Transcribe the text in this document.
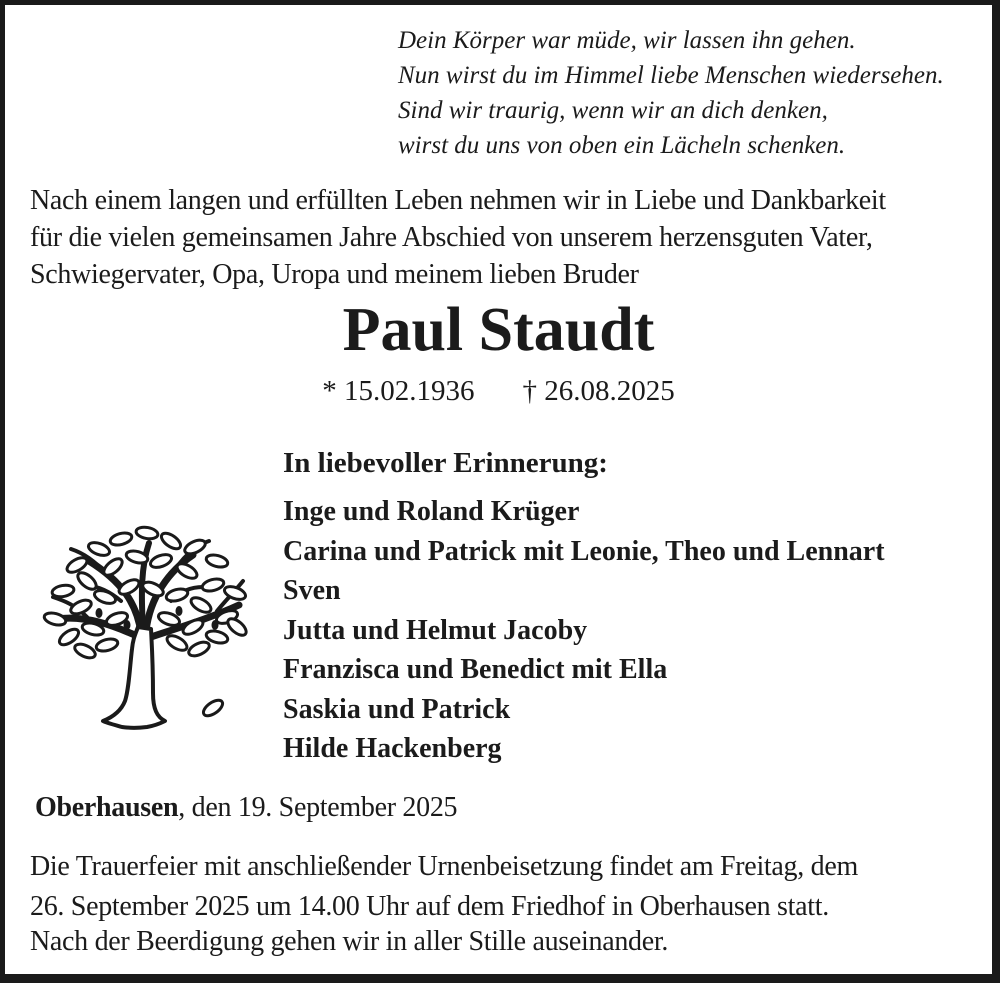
Dein Körper war müde, wir lassen ihn gehen.
Nun wirst du im Himmel liebe Menschen wiedersehen.
Sind wir traurig, wenn wir an dich denken,
wirst du uns von oben ein Lächeln schenken.
Nach einem langen und erfüllten Leben nehmen wir in Liebe und Dankbarkeit
für die vielen gemeinsamen Jahre Abschied von unserem herzensguten Vater,
Schwiegervater, Opa, Uropa und meinem lieben Bruder
Paul Staudt
* 15.02.1936 † 26.08.2025
In liebevoller Erinnerung:
Inge und Roland Krüger
Carina und Patrick mit Leonie, Theo und Lennart
Sven
Jutta und Helmut Jacoby
Franzisca und Benedict mit Ella
Saskia und Patrick
Hilde Hackenberg
Oberhausen, den 19. September 2025
Die Trauerfeier mit anschließender Urnenbeisetzung findet am Freitag, dem
26. September 2025 um 14.00 Uhr auf dem Friedhof in Oberhausen statt.
Nach der Beerdigung gehen wir in aller Stille auseinander.
